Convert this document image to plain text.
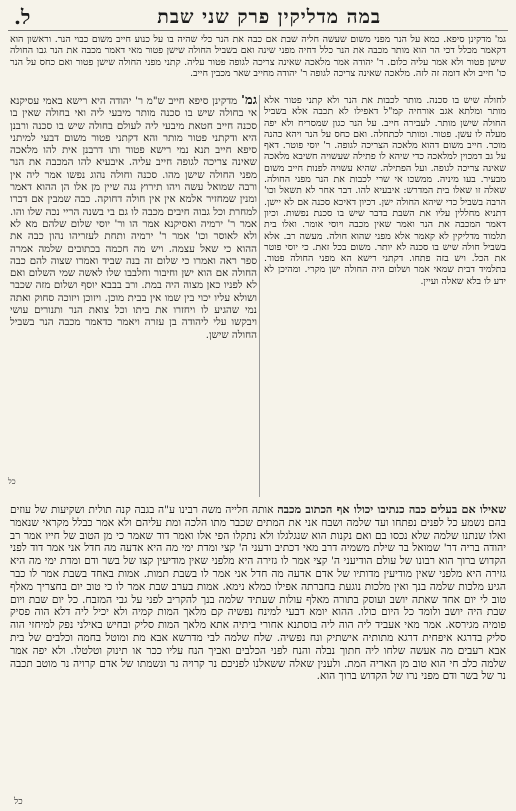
במה מדליקין פרק שני שבת
ל.
גמ' מדקינן סיפא. כמא על הנר מפני משום שעשה חליה שבת אם כבה את הנר כלי שהיה בו על כנוע חייב משום כבוי הנר. וראשון הוא דקאמר מכלל דכי הר הוא מותר מכבה את הנר כלל דחיה מפני שינה ואם בשביל החולה שישן פטור מאי דאמר מכבה את הנר גבו החולה שישן פטור ולא אמר עליה כלום. ר' יהודה אמר מלאכה שאינה צריכה לגופה פטור עליה. קתני מפני החולה שישן פטור ואם כחס על הנר כו' חייב ולא דומה זה לזה. מלאכה שאינה צריכה לגופה ר' יהודה מחייב שאר מכבין חייב.
לחולה שיש בו סכנה. מותר לכבות את הנר ולא קתני פטור אלא מותר ומלתא אגב אורחיה קמ"ל דאפילו לא תכבה אלא בשביל החולה שישן מותר. לעבירה חייב. על הנר כגון שמסריח ולא יפה מעלה לו עשן. פטור. ומותר לכתחלה. ואם כחס על הנר ויהא כהנה מוכר. חייב משום דהוא מלאכה הצריכה לגופה. ר' יוסי פוטר. דאף על גב דמכוין למלאכה כדי שיהא לו פתילה שעשויה חשיבא מלאכה שאינה צריכה לגופה. ועל הפתילה. שהיא עשויה לפנות חייב משום מבעיר. בעו מיניה. ממשכו אי שרי לכבות את הנר מפני החולה. שאלה זו שאלו בית המדרש: איבעיא להו. דבר אחר לא תשאל וכו' הרבה בשביל כדי שיהא החולה ישן. דכיון דאיכא סכנה אם לא יישן. דתניא מחללין עליו את השבת בדבר שיש בו סכנת נפשות. וכיון דאמר המכבה את הנר ואמר שאין מכבה ויוסי אומר. ואלו בית תלמוד מדליקין לא קאמר אלא מפני שהוא חולה. מעשה רב. אלא בשביל חולה שיש בו סכנה לא יותר. משום בכל זאת. כי יוסי פוטר את הכל. ויש בזה פתחו. דקתני רישא הא מפני החולה פטור. בתלמיד דבית שמאי אמר ושלום היה החולה ישן מקרי. ומהיכן לא ידע לו בלא שאלה ועיין.
גמ' מדקינן סיפא חייב ש"מ ר' יהודה היא רישא באמי עסיקנא אי בחולה שיש בו סכנה מותר מיבעי ליה ואי בחולה שאין בו סכנה חייב חטאת מיבעי ליה לעולם בחולה שיש בו סכנה ורבנן היא ודקתני פטור מותר והא דקתני פטור משום דבעי למיתני סיפא חייב תנא נמי רישא פטור ותו דרבנן אית להו מלאכה שאינה צריכה לגופה חייב עליה. איבעיא להו המכבה את הנר מפני החולה שישן מהו. סכנה וחולה נהוג נפשו אמר ליה אין ורבה שמואל עשה ויהו תירוץ נגה שיין מן אלו הן ההוא דאמר ומנין שמחזיר אלמא אין אין חולה דחוקה. כבה שמבין אם דברו למחרת וכל גבוה חיבים מכבה לו גם בי בשנה הריי נכה שלו והו. אמר ר' ירמיה ואסיקנא אמר הו ור' יוסי שלום שלהם מא לא ולא לאוסר וכו' אמר ר' ירמיה ותחת לעזריהו נהון כבה את ההוא כי שאל עצמה. ויש מה חכמה בכתובים שלמה אמרה ספר ראה ואמרו כי שלום זה בנה שביד ואמרו שצוה להם כבה החולה אם הוא ישן וחיבור וחלבבו שלו לאשה שמי השלום ואם לא לפניו כאן מצוה היה במת. ורב בבבא יוסף ושלום מזה שכבר ושולא עליו יכוי בין שמו אין בבית מוכן. ויזוכן ויזוכה סחוק ואתה נמי שהגיע לו ויחזרו את ביתו וכל צואת הנר ותנורים עושי ויבקשו עלי ליהודה בן עזרה ויאמר כדאמר מכבה הנר בשביל החולה שישן.
כל
שאילו אם בעלים כבה כנתיבו יכולו אף הכתוב מכבה אותה חלייה משה רבינו ע"ה בגבה קנה תולית ושקיעות של עוזים בהם נשמע כל לפנים נפתחו ועד שלמה ושבח אני את המתים שכבר מתו הלכה ומת עליהם ולא אמר כבלל מקראי שנאמר ואלו שנתנו שלמה שלא נכסו בם ואם נקנות הוא שנגלגלו ולא נתקלו הפי אלו ואמר דוד שאמר כי מן הטוב של חייו אמר רב יהודה בריה דר' שמואל בר שילת משמיה דרב מאי דכתיב ודעני ה' קצי ומדת ימי מה היא אדעה מה חדל אני אמר דוד לפני הקדוש ברוך הוא רבונו של עולם הודיעני ה' קצי אמר לו גזירה היא מלפני שאין מודיעין קצו של בשר ודם ומדת ימי מה היא גזירה היא מלפני שאין מודיעין מדותיו של אדם אדעה מה חדל אני אמר לו בשבת תמות. אמות באחד בשבת אמר לו כבר הגיע מלכות שלמה בנך ואין מלכות נוגעת בחברתה אפילו כמלא נימא. אמות בערב שבת אמר לו כי טוב יום בחצריך מאלף טוב לי יום אחד שאתה יושב ועוסק בתורה מאלף עולות שעתיד שלמה בנך להקריב לפני על גבי המזבח. כל יום שבת ויום שבת היה יושב ולומד כל היום כולו. ההוא יומא דבעי למינח נפשיה קם מלאך המות קמיה ולא יכיל ליה דלא הוה פסיק פומיה מגירסא. אמר מאי אעביד ליה הוה ליה בוסתנא אחורי ביתיה אתא מלאך המות סליק ובחיש באילני נפק למיחזי הוה סליק בדרגא איפחית דרגא מתותיה אישתיק ונח נפשיה. שלח שלמה לבי מדרשא אבא מת ומוטל בחמה וכלבים של בית אבא רעבים מה אעשה שלחו ליה חתוך נבלה והנח לפני הכלבים ואביך הנח עליו ככר או תינוק וטלטלו. ולא יפה אמר שלמה כלב חי הוא טוב מן האריה המת. ולענין שאלה ששאלנו לפניכם נר קרויה נר ונשמתו של אדם קרויה נר מוטב תכבה נר של בשר ודם מפני נרו של הקדוש ברוך הוא.
כל
